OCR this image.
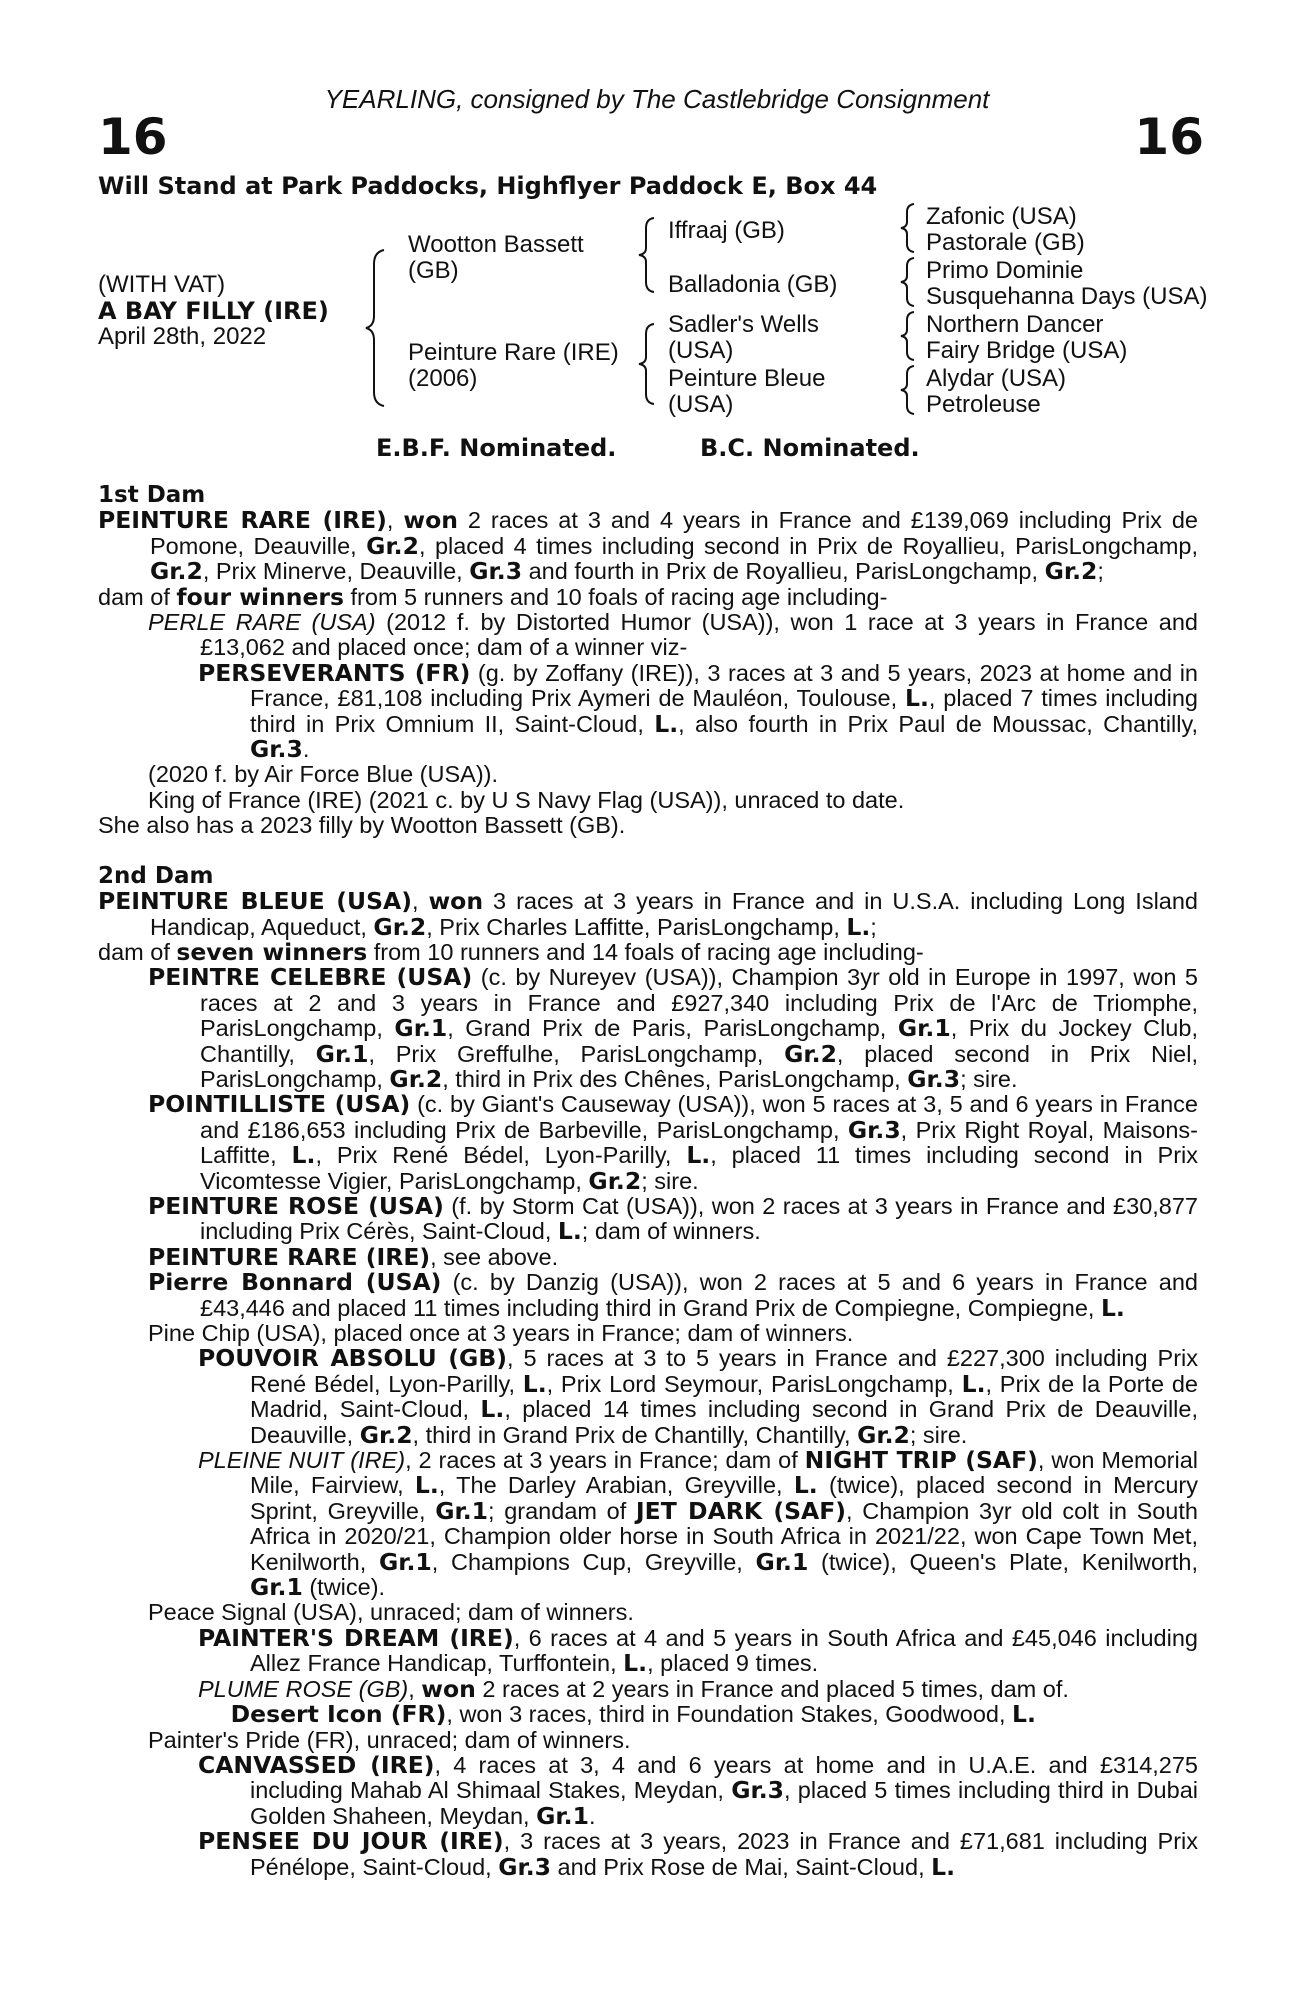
YEARLING, consigned by The Castlebridge Consignment
16	16
Will Stand at Park Paddocks, Highflyer Paddock E, Box 44
(WITH VAT)
A BAY FILLY (IRE)
April 28th, 2022
Wootton Bassett
(GB)
Peinture Rare (IRE)
(2006)
Iffraaj (GB)
Balladonia (GB)
Sadler's Wells
(USA)
Peinture Bleue
(USA)
Zafonic (USA)
Pastorale (GB)
Primo Dominie
Susquehanna Days (USA)
Northern Dancer
Fairy Bridge (USA)
Alydar (USA)
Petroleuse
E.B.F. Nominated.	B.C. Nominated.

1st Dam

PEINTURE RARE (IRE), won 2 races at 3 and 4 years in France and £139,069 including Prix de Pomone, Deauville, Gr.2, placed 4 times including second in Prix de Royallieu, ParisLongchamp, Gr.2, Prix Minerve, Deauville, Gr.3 and fourth in Prix de Royallieu, ParisLongchamp, Gr.2;

dam of four winners from 5 runners and 10 foals of racing age including-

PERLE RARE (USA) (2012 f. by Distorted Humor (USA)), won 1 race at 3 years in France and £13,062 and placed once; dam of a winner viz-

PERSEVERANTS (FR) (g. by Zoffany (IRE)), 3 races at 3 and 5 years, 2023 at home and in France, £81,108 including Prix Aymeri de Mauléon, Toulouse, L., placed 7 times including third in Prix Omnium II, Saint-Cloud, L., also fourth in Prix Paul de Moussac, Chantilly, Gr.3.

(2020 f. by Air Force Blue (USA)).

King of France (IRE) (2021 c. by U S Navy Flag (USA)), unraced to date.

She also has a 2023 filly by Wootton Bassett (GB).

2nd Dam

PEINTURE BLEUE (USA), won 3 races at 3 years in France and in U.S.A. including Long Island Handicap, Aqueduct, Gr.2, Prix Charles Laffitte, ParisLongchamp, L.;

dam of seven winners from 10 runners and 14 foals of racing age including-

PEINTRE CELEBRE (USA) (c. by Nureyev (USA)), Champion 3yr old in Europe in 1997, won 5 races at 2 and 3 years in France and £927,340 including Prix de l'Arc de Triomphe, ParisLongchamp, Gr.1, Grand Prix de Paris, ParisLongchamp, Gr.1, Prix du Jockey Club, Chantilly, Gr.1, Prix Greffulhe, ParisLongchamp, Gr.2, placed second in Prix Niel, ParisLongchamp, Gr.2, third in Prix des Chênes, ParisLongchamp, Gr.3; sire.

POINTILLISTE (USA) (c. by Giant's Causeway (USA)), won 5 races at 3, 5 and 6 years in France and £186,653 including Prix de Barbeville, ParisLongchamp, Gr.3, Prix Right Royal, Maisons-Laffitte, L., Prix René Bédel, Lyon-Parilly, L., placed 11 times including second in Prix Vicomtesse Vigier, ParisLongchamp, Gr.2; sire.

PEINTURE ROSE (USA) (f. by Storm Cat (USA)), won 2 races at 3 years in France and £30,877 including Prix Cérès, Saint-Cloud, L.; dam of winners.

PEINTURE RARE (IRE), see above.

Pierre Bonnard (USA) (c. by Danzig (USA)), won 2 races at 5 and 6 years in France and £43,446 and placed 11 times including third in Grand Prix de Compiegne, Compiegne, L.

Pine Chip (USA), placed once at 3 years in France; dam of winners.

POUVOIR ABSOLU (GB), 5 races at 3 to 5 years in France and £227,300 including Prix René Bédel, Lyon-Parilly, L., Prix Lord Seymour, ParisLongchamp, L., Prix de la Porte de Madrid, Saint-Cloud, L., placed 14 times including second in Grand Prix de Deauville, Deauville, Gr.2, third in Grand Prix de Chantilly, Chantilly, Gr.2; sire.

PLEINE NUIT (IRE), 2 races at 3 years in France; dam of NIGHT TRIP (SAF), won Memorial Mile, Fairview, L., The Darley Arabian, Greyville, L. (twice), placed second in Mercury Sprint, Greyville, Gr.1; grandam of JET DARK (SAF), Champion 3yr old colt in South Africa in 2020/21, Champion older horse in South Africa in 2021/22, won Cape Town Met, Kenilworth, Gr.1, Champions Cup, Greyville, Gr.1 (twice), Queen's Plate, Kenilworth, Gr.1 (twice).

Peace Signal (USA), unraced; dam of winners.

PAINTER'S DREAM (IRE), 6 races at 4 and 5 years in South Africa and £45,046 including Allez France Handicap, Turffontein, L., placed 9 times.

PLUME ROSE (GB), won 2 races at 2 years in France and placed 5 times, dam of.

Desert Icon (FR), won 3 races, third in Foundation Stakes, Goodwood, L.

Painter's Pride (FR), unraced; dam of winners.

CANVASSED (IRE), 4 races at 3, 4 and 6 years at home and in U.A.E. and £314,275 including Mahab Al Shimaal Stakes, Meydan, Gr.3, placed 5 times including third in Dubai Golden Shaheen, Meydan, Gr.1.

PENSEE DU JOUR (IRE), 3 races at 3 years, 2023 in France and £71,681 including Prix Pénélope, Saint-Cloud, Gr.3 and Prix Rose de Mai, Saint-Cloud, L.
